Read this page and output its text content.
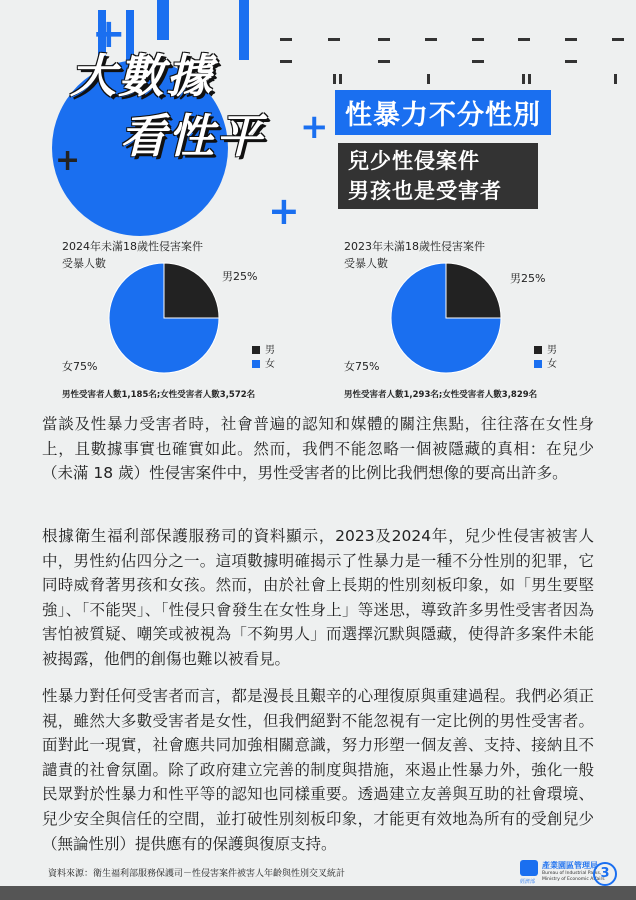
+
+
+
+
大數據
看性平	性暴力不分性別
兒少性侵案件
男孩也是受害者
2024年未滿18歲性侵害案件
受暴人數
男25%
女75%
男
女
男性受害者人數1,185名;女性受害者人數3,572名
2023年未滿18歲性侵害案件
受暴人數
男25%
女75%
男
女
男性受害者人數1,293名;女性受害者人數3,829名

當談及性暴力受害者時，社會普遍的認知和媒體的關注焦點，往往落在女性身上，且數據事實也確實如此。然而，我們不能忽略一個被隱藏的真相：在兒少（未滿 18 歲）性侵害案件中，男性受害者的比例比我們想像的要高出許多。

根據衛生福利部保護服務司的資料顯示，2023及2024年，兒少性侵害被害人中，男性約佔四分之一。這項數據明確揭示了性暴力是一種不分性別的犯罪，它同時威脅著男孩和女孩。然而，由於社會上長期的性別刻板印象，如「男生要堅強」、「不能哭」、「性侵只會發生在女性身上」等迷思，導致許多男性受害者因為害怕被質疑、嘲笑或被視為「不夠男人」而選擇沉默與隱藏，使得許多案件未能被揭露，他們的創傷也難以被看見。

性暴力對任何受害者而言，都是漫長且艱辛的心理復原與重建過程。我們必須正視，雖然大多數受害者是女性，但我們絕對不能忽視有一定比例的男性受害者。面對此一現實，社會應共同加強相關意識，努力形塑一個友善、支持、接納且不譴責的社會氛圍。除了政府建立完善的制度與措施，來遏止性暴力外，強化一般民眾對於性暴力和性平等的認知也同樣重要。透過建立友善與互助的社會環境、兒少安全與信任的空間，並打破性別刻板印象，才能更有效地為所有的受創兒少（無論性別）提供應有的保護與復原支持。

資料來源：衛生福利部服務保護司－性侵害案件被害人年齡與性別交叉統計
經濟部
產業園區管理局
Bureau of Industrial Parks,
Ministry of Economic Affairs
3
